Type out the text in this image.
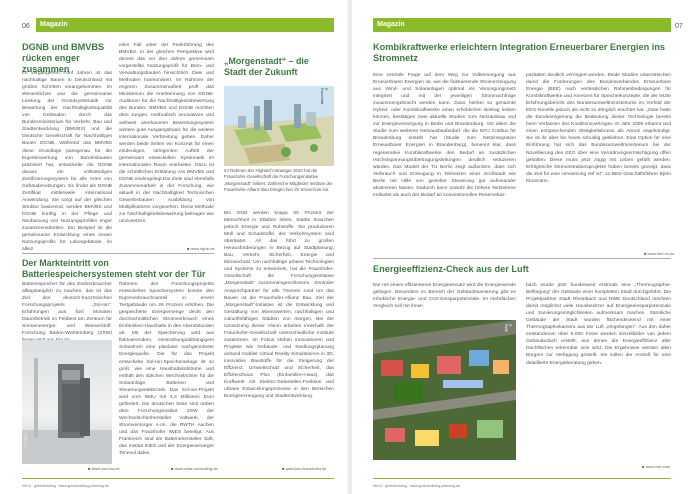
06	Magazin
DGNB und BMVBS rücken enger zusammen
Im vergangenen Fünf Jahren ist das nachhaltige Bauen in Deutschland mit großen Schritten vorangekommen. Im Wesentlichen war die gemeinsame Leistung der Grundsystematik zur Bewertung der Nachhaltigkeitsqualität von Gebäuden durch das Bundesministerium für Verkehr, Bau und Stadtentwicklung (BMVBS) und die Deutsche Gesellschaft für Nachhaltiges Bauen DGNB. Während das BMVBS diese Grundlage passgenau für die Eigenbewertung von Bundesbauten präzisiert hat, entwickelte die DGNB daraus ein vollständiges Zertifizierungssystem für alle Arten von Gebäudenutzungen. Es findet als DGNB Zertifikat mittlerweile international Anwendung. Sie sorgt auf der gleichen Struktur basierend, werden BMVBS und DGNB künftig in der Pflege und Neufassung von Nutzungsprofilen enger zusammenarbeiten. Ein Beispiel ist die gemeinsame Entwicklung eines neuen Nutzungsprofils für Laborgebäude, im alleiz
eilen Fall unter der Federführung des BMVBS. In der gleichen Perspektive wird derzeit das vor drei Jahren gemeinsam vorgestellte Nutzungsprofil für Büro- und Verwaltungsbauten hinsichtlich Ziele und Methoden harmonisiert. Im Rahmen der engeren Zusammenarbeit prüft das Ministerium die Anerkennung von DGNB-Auditoren für die Nachhaltigkeitsbewertung des Bundes. BMVBS und DGNB möchten dem Jungen, methodisch innovativen und weltweit anerkannten Bewertungssystem weitere gute Ausgangsbasis für die weitere internationale Verbreitung geben. Daher werden beide Seiten ein Konzept für einen eindeutigen, stringenten Auftritt der gemeinsam entwickelten Systematik im internationalen Raum erarbeiten. Dazu ist die schrittlichen Erklärung von BMVBS und DGNB niedergelegt.Die Ziele sind ebenfalls Zusammenarbeit in der Forschung, wie aktuell in der Nachhaltigkeit Technischen Gewerbebauten Ausbildung von Multiplikatoren vorgesehen. Diese Methode zur Nachhaltigkeitsbewertung beitragen wie umzusetzen.
■ www.dgnb.de
Der Markteintritt von Batteriespeichersystemen steht vor der Tür
Batteriespeicher für den Endverbraucher alltagstauglich zu machen, das ist das Ziel des deutsch-französischen Forschungsprojekts „Sol-Ion“. Erfahrungen aus fünf Monaten Dauerbetrieb im Feldtest am Zentrum für Sonnenenergie- und Wasserstoff-Forschung Baden-Württemberg (ZSW)
© ZSW
■ www.zsw-bw.de
Rahmen des Forschungsprojekts entwickeltes Speichersystem konnte den Eigenverbrauchsanteil in einem Testgebäude um 26 Prozent erhöhen. Die gespeicherte Energiemenge deckt den durchschnittlichen Stromverbrauch eines Einfamilien-Haushalts in den Abendstunden ab. Mit der Speicherung wird aus fluktuierendem, einstrahlungsabhängigem Solarstrom eine planbare nachgeordnete Energiequelle. Die für das Projekt entwickelte Sol-Ion-Speicheranlage ist so groß, wie eine Haushaltskühltruhe und enthält den üblichen Wechselrichter für die Solaranlage, Batterien und Steuerungselektronik. Das Sol-Ion-Projekt wird vom BMU mit 4,3 Millionen Euro gefördert. Die deutschen Seite sind neben dem Forschungsinstitut ZSW der Wechselrichterhersteller Voltwerk, der Stromversorger e.on, die RWTH Aachen und das Fraunhofer IWES beteiligt. Aus Frankreich sind die Batteriehersteller Saft, das Institut INES und der Energieversorger Tenesol dabei.
■ www.solar-consulting.de
„Morgenstadt“ – die Stadt der Zukunft
© Fraunhofer
Im Rahmen der Hightech-Strategie 2020 hat die Fraunhofer-Gesellschaft die Forschungsinitiative „Morgenstadt“ initiiert. Zahlreiche Mitglieder Institute der Fraunhofer-Allianz Bau bringen hier ihr Know-how ein.
Bis 2030 werden knapp 60 Prozent der Menschheit in Städten leben. Städte brauchen jedoch Energie und Rohstoffe. Sie produzieren Müll und Schadstoffe, der Verkehrsystem sind überlastet. All das führt zu großen Herausforderungen in Bezug auf Stadtplanung, Bau, Verkehr, Sicherheit, Energie und Klimaschutz. Um nachhaltige urbane Technologien und Systeme zu entwickeln, hat die Fraunhofer-Gesellschaft die Forschungsinitiative „Morgenstadt“ zusammengeschlossen. Zentraler Ansprechpartner für alle Themen rund um das Bauen ist die Fraunhofer-Allianz Bau. Ziel der „Morgenstadt“-Initiative ist die Entwicklung und Gestaltung von lebenswerten, nachhaltigen und zukunftsfähigen Städten von morgen. Bei der Umsetzung dieser Vision arbeiten innerhalb der Fraunhofer-Gesellschaft unterschiedliche Institute zusammen. Im Fokus stehen innovationen und Projekte wie Gebäude- und Siedlungsplanung anhand mobiler Virtual Reality-Simulationen in 3D, innovative Baustoffe für die Steigerung der Effizienz, Umweltschutz und Sicherheit, das Effizienzhaus Plus (Einfamilien-Haus), das Kraftwerk mit Elektro-Tankstellen-Funktion und urbane Entwicklungsprozesse in den Bereichen Energieerzeugung und Stadtentwicklung.
■ www.bau.fraunhofer.de
06/13 · greenbuilding · www.greenbuilding-planning.de
Magazin	07
Kombikraftwerke erleichtern Integration Erneuerbarer Energien ins Stromnetz
Eine zentrale Frage auf dem Weg zur Vollversorgung aus Erneuerbaren Energien ist, wie die fluktuierende Stromerzeugung aus Wind- und Solaranlagen optimal ins Versorgungsnetz integriert und mit der jeweiligen Stromnachfrage zusammengebracht werden kann. Dass hierbei so genannte Hybrid- oder Kombikraftwerke einen erheblichen Beitrag leisten können, bestätigen zwei aktuelle Studien zum Netzausbau und zur Energieversorgung in Berlin und Brandenburg. Vor allem die Studie zum weiteren Netzausbaubedarf, die die EFU Cottbus für Brandenburg erstellt hat (Studie zum Netzintegration Erneuerbarer Energien in Brandenburg), benennt klar, dass regenerative Kombikraftwerke den Bedarf an zusätzlichen Höchstspannungsübertragungsleitungen deutlich reduzieren würden. Das Modell der TU Berlin zeigt außerdem, dass sich Verbrauch und Erzeugung in Teilnetzen einer Großstadt wie Berlin mit Hilfe von gezielter Steuerung gut aufeinander abstimmen lassen. Dadurch kann sowohl die höhere Netzebene entlastet als auch der Bedarf an konventionellen Reservekaz-
pazitäten deutlich verringert werden. Beide Studien unterstreichen damit die Forderungen des Bundesverbandes Erneuerbare Energie (BEE) nach verlässlichen Rahmenbedingungen für Kombikraftwerke und Anreizen für Speicherkonzepte, die der letzte Erfahrungsbericht des Bundesumweltministeriums im Vorfeld der EEG-Novelle jedoch als nicht so dringlich erachtet hat. „Zwar hatte die Bundesregierung die Bedeutung dieser Technologie bereits beim Verfassen des Koalitionsvertrages im Jahr 2009 erkannt und einen entsprechenden Stetigkeitsbonus als Anreiz angekündigt. Sie ist ihr aber bis heute schuldig geblieben. Eine Option für eine Einführung hat sich das Bundesumweltministerium bei der Novellierung des EEG über eine Verordnungsermächtigung offen gehalten. Diese muss jetzt zügig mit Leben gefüllt werden. Erfolgreiche Demonstrationsprojekte haben bereits gezeigt, dass die Zeit für eine Umsetzung reif ist“, so BEE-Geschäftsführer Björn Klusmann.
■ www.bee-ev.de
Energieeffizienz-Check aus der Luft
Nur mit einem effizienteren Energieeinsatz wird die Energiewende gelingen. Besonders im Bereich der Gebäudesanierung gibt es erhebliche Energie- und CO2-Einsparpotenziale. Im mehrfachen Vergleich soll mit ihnen
© RWE
bach wurde jetzt bundesweit erstmals eine „Thermographie-Befliegung“ der Gebäude einer kompletten Stadt durchgeführt. Die Projektpartner Stadt Rheinbach und RWE Deutschland möchten damit möglichst viele Hausbesitzer auf Energieeinsparpotenziale und Sanierungsmöglichkeiten aufmerksam machen. Sämtliche Gebäude der Stadt wurden flächendeckend mit einer Thermographiekamera aus der Luft „eingefangen“. Aus den daher entstandenen über 5.000 Fotos werden Einzelbilder von jedem Gebäudedach erstellt, aus denen die Energieeffizienz aller Dachflächen erkennbar sein wird. Die Ergebnisse werden allen Bürgern zur Verfügung gestellt. Sie sollen der Anstoß für eine detaillierte Energieberatung geben.
■ www.rwe.com
06/13 · greenbuilding · www.greenbuilding-planning.de
